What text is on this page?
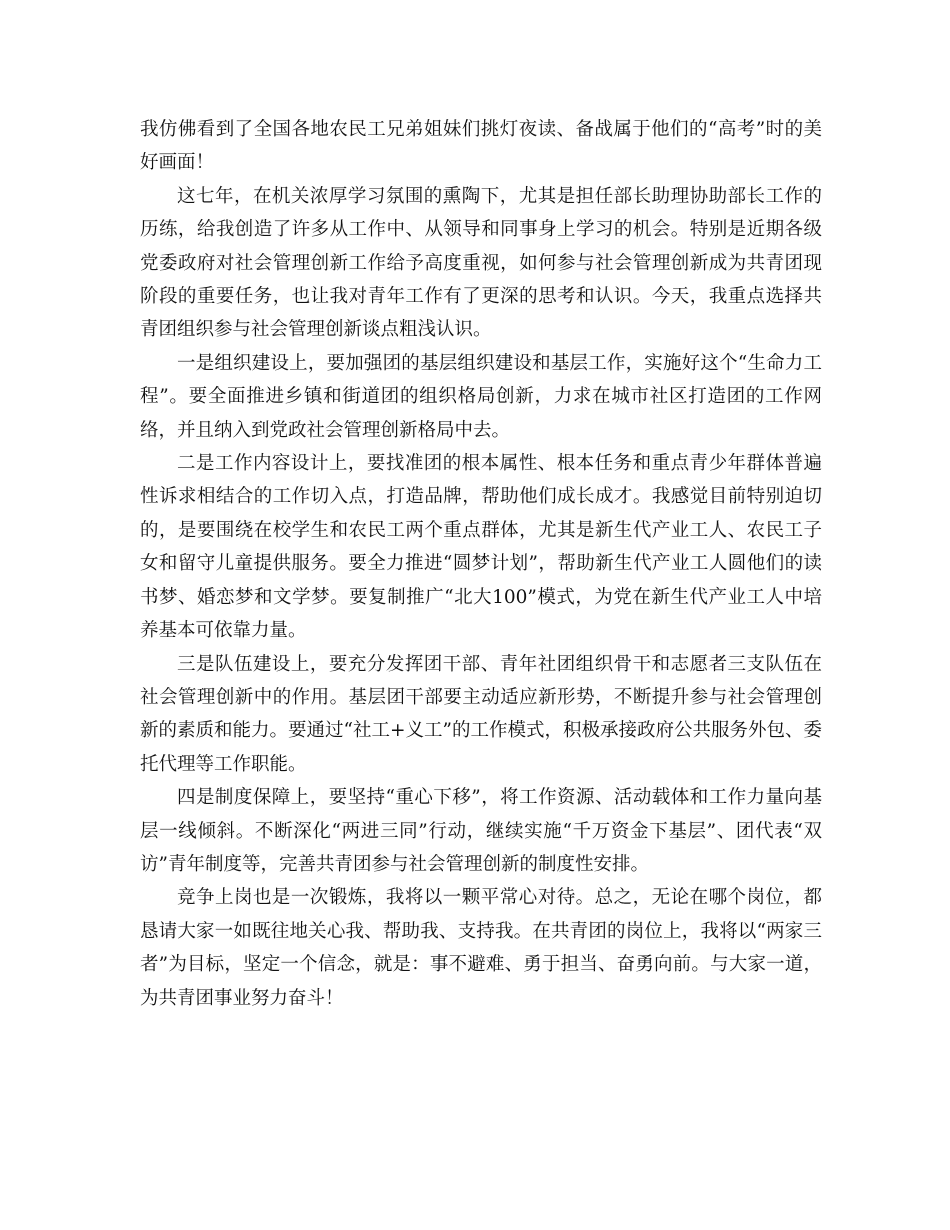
我仿佛看到了全国各地农民工兄弟姐妹们挑灯夜读、备战属于他们的“高考”时的美好画面！

这七年，在机关浓厚学习氛围的熏陶下，尤其是担任部长助理协助部长工作的历练，给我创造了许多从工作中、从领导和同事身上学习的机会。特别是近期各级党委政府对社会管理创新工作给予高度重视，如何参与社会管理创新成为共青团现阶段的重要任务，也让我对青年工作有了更深的思考和认识。今天，我重点选择共青团组织参与社会管理创新谈点粗浅认识。

一是组织建设上，要加强团的基层组织建设和基层工作，实施好这个“生命力工程”。要全面推进乡镇和街道团的组织格局创新，力求在城市社区打造团的工作网络，并且纳入到党政社会管理创新格局中去。

二是工作内容设计上，要找准团的根本属性、根本任务和重点青少年群体普遍性诉求相结合的工作切入点，打造品牌，帮助他们成长成才。我感觉目前特别迫切的，是要围绕在校学生和农民工两个重点群体，尤其是新生代产业工人、农民工子女和留守儿童提供服务。要全力推进“圆梦计划”，帮助新生代产业工人圆他们的读书梦、婚恋梦和文学梦。要复制推广“北大100”模式，为党在新生代产业工人中培养基本可依靠力量。

三是队伍建设上，要充分发挥团干部、青年社团组织骨干和志愿者三支队伍在社会管理创新中的作用。基层团干部要主动适应新形势，不断提升参与社会管理创新的素质和能力。要通过“社工+义工”的工作模式，积极承接政府公共服务外包、委托代理等工作职能。

四是制度保障上，要坚持“重心下移”，将工作资源、活动载体和工作力量向基层一线倾斜。不断深化“两进三同”行动，继续实施“千万资金下基层”、团代表“双访”青年制度等，完善共青团参与社会管理创新的制度性安排。

竞争上岗也是一次锻炼，我将以一颗平常心对待。总之，无论在哪个岗位，都恳请大家一如既往地关心我、帮助我、支持我。在共青团的岗位上，我将以“两家三者”为目标，坚定一个信念，就是：事不避难、勇于担当、奋勇向前。与大家一道，为共青团事业努力奋斗！
